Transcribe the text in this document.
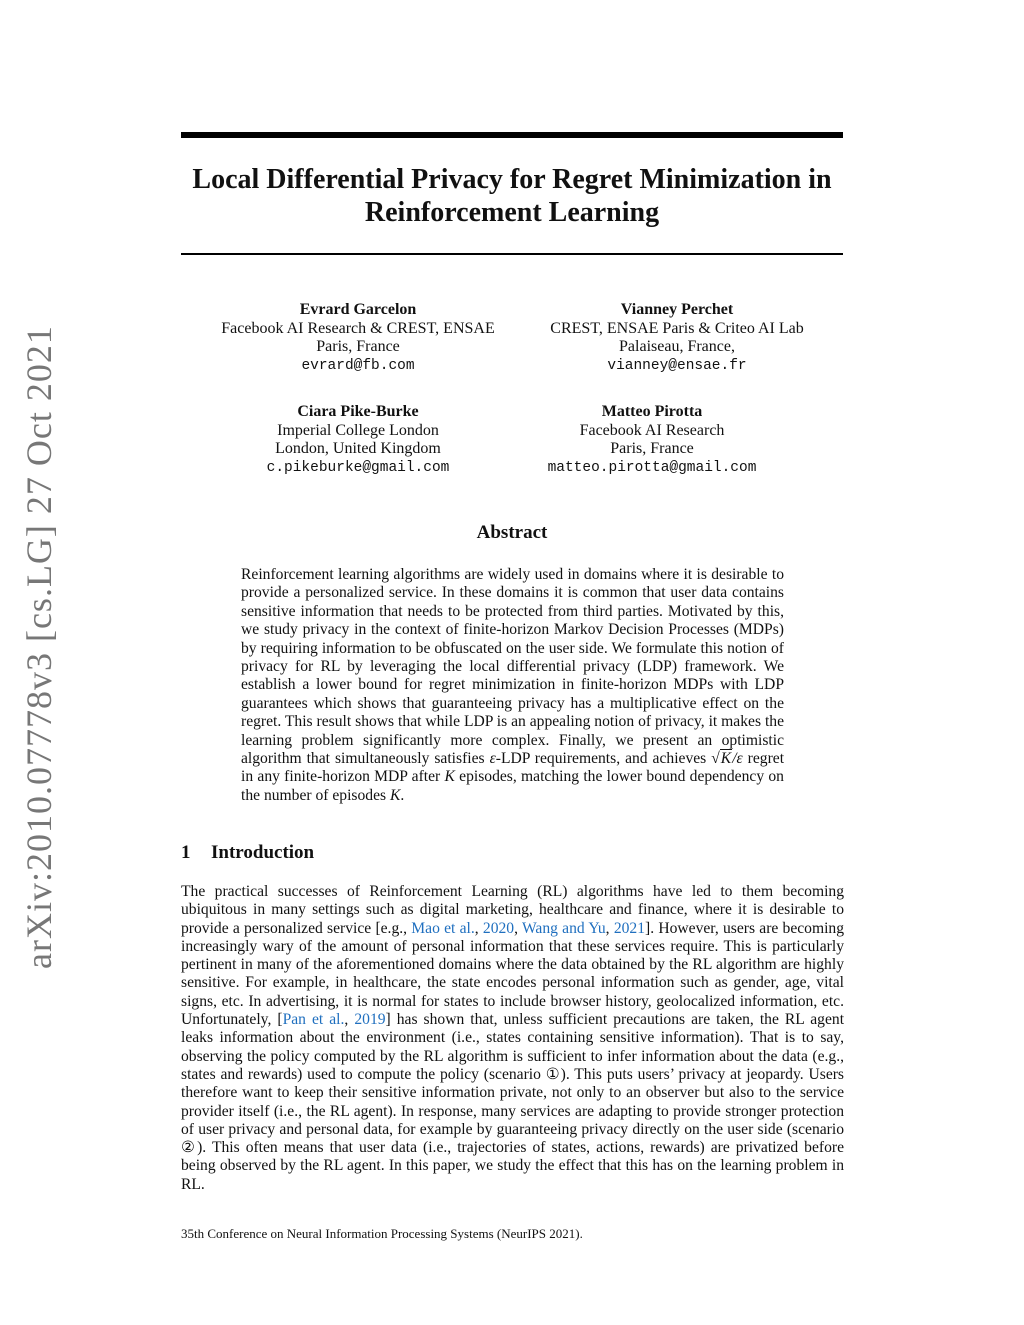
arXiv:2010.07778v3 [cs.LG] 27 Oct 2021
Local Differential Privacy for Regret Minimization in
Reinforcement Learning
Evrard Garcelon
Facebook AI Research & CREST, ENSAE
Paris, France
evrard@fb.com
Vianney Perchet
CREST, ENSAE Paris & Criteo AI Lab
Palaiseau, France,
vianney@ensae.fr
Ciara Pike-Burke
Imperial College London
London, United Kingdom
c.pikeburke@gmail.com
Matteo Pirotta
Facebook AI Research
Paris, France
matteo.pirotta@gmail.com
Abstract
Reinforcement learning algorithms are widely used in domains where it is desirable to provide a personalized service. In these domains it is common that user data contains sensitive information that needs to be protected from third parties. Motivated by this, we study privacy in the context of finite-horizon Markov Decision Processes (MDPs) by requiring information to be obfuscated on the user side. We formulate this notion of privacy for RL by leveraging the local differential privacy (LDP) framework. We establish a lower bound for regret minimization in finite-horizon MDPs with LDP guarantees which shows that guaranteeing privacy has a multiplicative effect on the regret. This result shows that while LDP is an appealing notion of privacy, it makes the learning problem significantly more complex. Finally, we present an optimistic algorithm that simultaneously satisfies ε-LDP requirements, and achieves √K/ε regret in any finite-horizon MDP after K episodes, matching the lower bound dependency on the number of episodes K.
1 Introduction
The practical successes of Reinforcement Learning (RL) algorithms have led to them becoming ubiquitous in many settings such as digital marketing, healthcare and finance, where it is desirable to provide a personalized service [e.g., Mao et al., 2020, Wang and Yu, 2021]. However, users are becoming increasingly wary of the amount of personal information that these services require. This is particularly pertinent in many of the aforementioned domains where the data obtained by the RL algorithm are highly sensitive. For example, in healthcare, the state encodes personal information such as gender, age, vital signs, etc. In advertising, it is normal for states to include browser history, geolocalized information, etc. Unfortunately, [Pan et al., 2019] has shown that, unless sufficient precautions are taken, the RL agent leaks information about the environment (i.e., states containing sensitive information). That is to say, observing the policy computed by the RL algorithm is sufficient to infer information about the data (e.g., states and rewards) used to compute the policy (scenario ①). This puts users’ privacy at jeopardy. Users therefore want to keep their sensitive information private, not only to an observer but also to the service provider itself (i.e., the RL agent). In response, many services are adapting to provide stronger protection of user privacy and personal data, for example by guaranteeing privacy directly on the user side (scenario ②). This often means that user data (i.e., trajectories of states, actions, rewards) are privatized before being observed by the RL agent. In this paper, we study the effect that this has on the learning problem in RL.
35th Conference on Neural Information Processing Systems (NeurIPS 2021).
